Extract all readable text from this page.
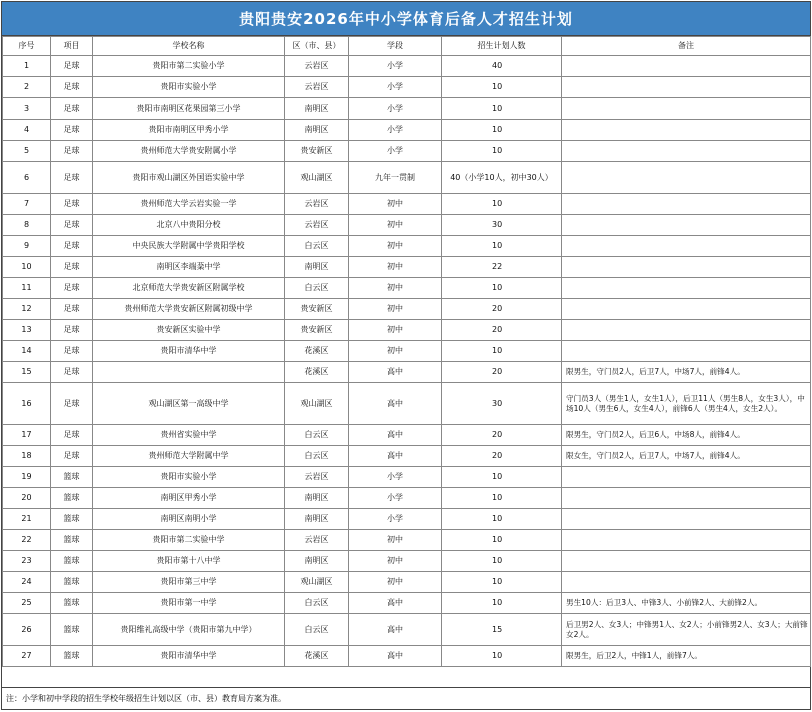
贵阳贵安2026年中小学体育后备人才招生计划
序号	项目	学校名称	区（市、县）	学段	招生计划人数	备注
1	足球	贵阳市第二实验小学	云岩区	小学	40	
2	足球	贵阳市实验小学	云岩区	小学	10	
3	足球	贵阳市南明区花果园第三小学	南明区	小学	10	
4	足球	贵阳市南明区甲秀小学	南明区	小学	10	
5	足球	贵州师范大学贵安附属小学	贵安新区	小学	10	
6	足球	贵阳市观山湖区外国语实验中学	观山湖区	九年一贯制	40（小学10人，初中30人）	
7	足球	贵州师范大学云岩实验一学	云岩区	初中	10	
8	足球	北京八中贵阳分校	云岩区	初中	30	
9	足球	中央民族大学附属中学贵阳学校	白云区	初中	10	
10	足球	南明区李端棻中学	南明区	初中	22	
11	足球	北京师范大学贵安新区附属学校	白云区	初中	10	
12	足球	贵州师范大学贵安新区附属初级中学	贵安新区	初中	20	
13	足球	贵安新区实验中学	贵安新区	初中	20	
14	足球	贵阳市清华中学	花溪区	初中	10	
15	足球		花溪区	高中	20	限男生，守门员2人，后卫7人，中场7人，前锋4人。
16	足球	观山湖区第一高级中学	观山湖区	高中	30	守门员3人（男生1人，女生1人），后卫11人（男生8人，女生3人），中场10人（男生6人，女生4人），前锋6人（男生4人，女生2人）。
17	足球	贵州省实验中学	白云区	高中	20	限男生，守门员2人，后卫6人，中场8人，前锋4人。
18	足球	贵州师范大学附属中学	白云区	高中	20	限女生，守门员2人，后卫7人，中场7人，前锋4人。
19	篮球	贵阳市实验小学	云岩区	小学	10	
20	篮球	南明区甲秀小学	南明区	小学	10	
21	篮球	南明区南明小学	南明区	小学	10	
22	篮球	贵阳市第二实验中学	云岩区	初中	10	
23	篮球	贵阳市第十八中学	南明区	初中	10	
24	篮球	贵阳市第三中学	观山湖区	初中	10	
25	篮球	贵阳市第一中学	白云区	高中	10	男生10人：后卫3人、中锋3人、小前锋2人、大前锋2人。
26	篮球	贵阳维礼高级中学（贵阳市第九中学）	白云区	高中	15	后卫男2人、女3人；中锋男1人、女2人；小前锋男2人、女3人；大前锋女2人。
27	篮球	贵阳市清华中学	花溪区	高中	10	限男生，后卫2人，中锋1人，前锋7人。
注：小学和初中学段的招生学校年级招生计划以区（市、县）教育局方案为准。
